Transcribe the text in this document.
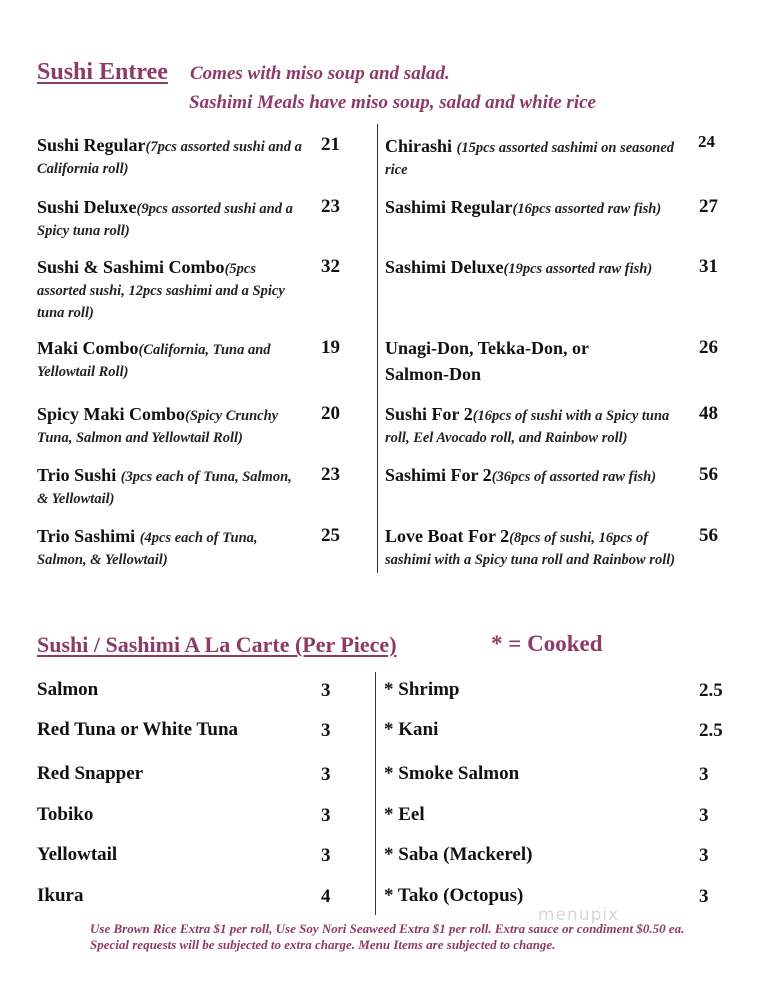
Sushi Entree Comes with miso soup and salad.
Sashimi Meals have miso soup, salad and white rice
Sushi Regular(7pcs assorted sushi and a California roll)
21
Sushi Deluxe(9pcs assorted sushi and a Spicy tuna roll)
23
Sushi & Sashimi Combo(5pcs assorted sushi, 12pcs sashimi and a Spicy tuna roll)
32
Maki Combo(California, Tuna and Yellowtail Roll)
19
Spicy Maki Combo(Spicy Crunchy Tuna, Salmon and Yellowtail Roll)
20
Trio Sushi (3pcs each of Tuna, Salmon, & Yellowtail)
23
Trio Sashimi (4pcs each of Tuna, Salmon, & Yellowtail)
25
Chirashi (15pcs assorted sashimi on seasoned rice
24
Sashimi Regular(16pcs assorted raw fish)	27
Sashimi Deluxe(19pcs assorted raw fish)	31
Unagi-Don, Tekka-Don, or Salmon-Don
26
Sushi For 2(16pcs of sushi with a Spicy tuna roll, Eel Avocado roll, and Rainbow roll)
48
Sashimi For 2(36pcs of assorted raw fish)	56
Love Boat For 2(8pcs of sushi, 16pcs of sashimi with a Spicy tuna roll and Rainbow roll)
56
Sushi / Sashimi A La Carte (Per Piece)	* = Cooked
Salmon	3
Red Tuna or White Tuna	3
Red Snapper	3
Tobiko	3
Yellowtail	3
Ikura	4
* Shrimp	2.5
* Kani	2.5
* Smoke Salmon	3
* Eel	3
* Saba (Mackerel)	3
* Tako (Octopus)	3
menupix
Use Brown Rice Extra $1 per roll, Use Soy Nori Seaweed Extra $1 per roll. Extra sauce or condiment $0.50 ea. Special requests will be subjected to extra charge. Menu Items are subjected to change.
